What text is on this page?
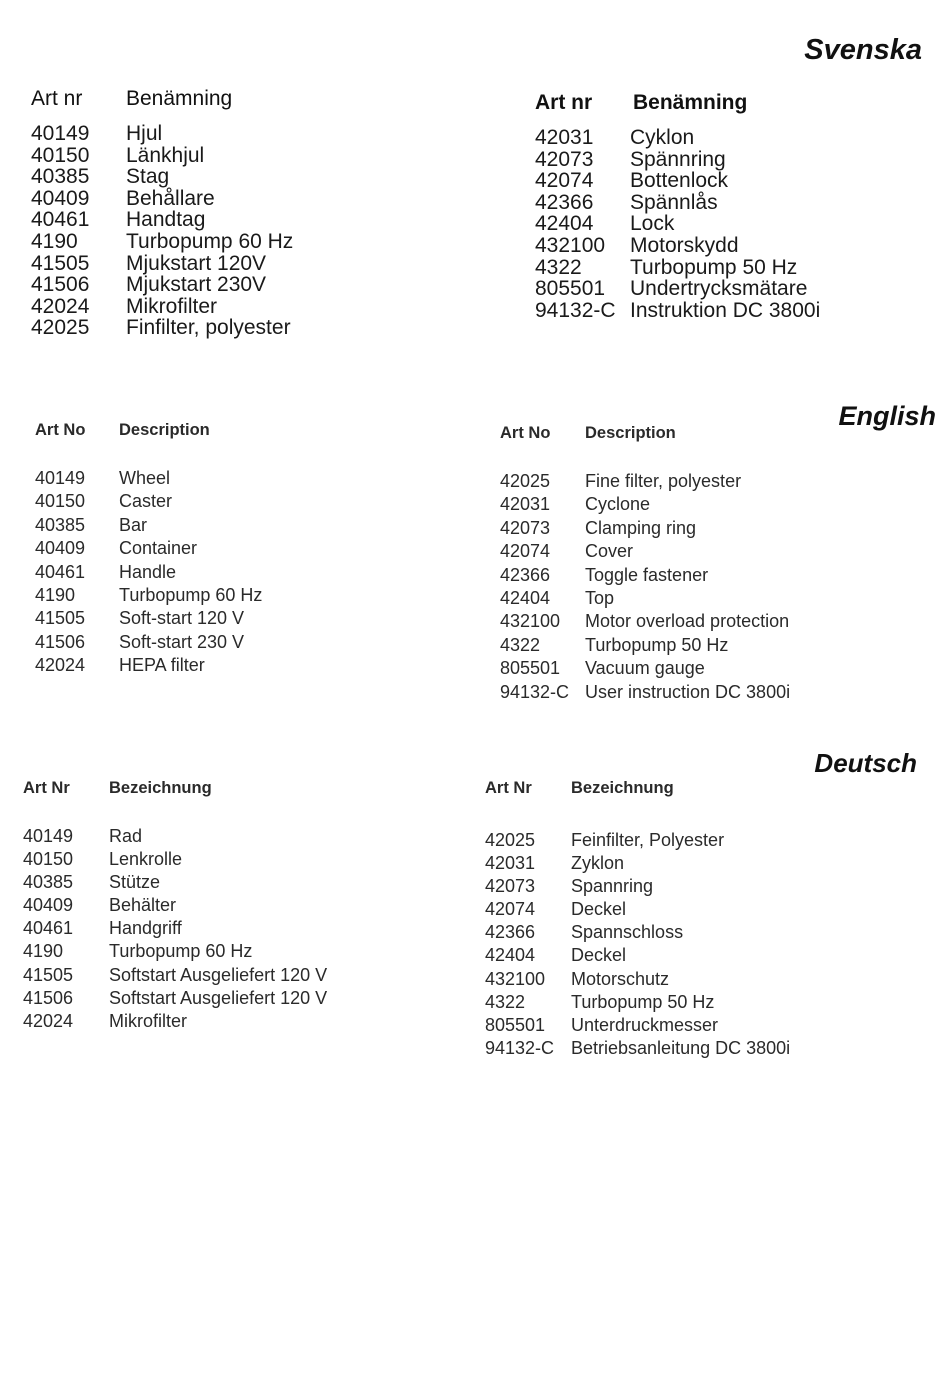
Svenska
Art nr	Benämning
40149	Hjul
40150	Länkhjul
40385	Stag
40409	Behållare
40461	Handtag
4190	Turbopump 60 Hz
41505	Mjukstart 120V
41506	Mjukstart 230V
42024	Mikrofilter
42025	Finfilter, polyester
Art nr	Benämning
42031	Cyklon
42073	Spännring
42074	Bottenlock
42366	Spännlås
42404	Lock
432100	Motorskydd
4322	Turbopump 50 Hz
805501	Undertrycksmätare
94132-C Instruktion DC 3800i
English
Art No	Description
40149	Wheel
40150	Caster
40385	Bar
40409	Container
40461	Handle
4190	Turbopump 60 Hz
41505	Soft-start 120 V
41506	Soft-start 230 V
42024	HEPA filter
Art No	Description
42025	Fine filter, polyester
42031	Cyclone
42073	Clamping ring
42074	Cover
42366	Toggle fastener
42404	Top
432100	Motor overload protection
4322	Turbopump 50 Hz
805501	Vacuum gauge
94132-C User instruction DC 3800i
Deutsch
Art Nr	Bezeichnung
40149	Rad
40150	Lenkrolle
40385	Stütze
40409	Behälter
40461	Handgriff
4190	Turbopump 60 Hz
41505	Softstart Ausgeliefert 120 V
41506	Softstart Ausgeliefert 120 V
42024	Mikrofilter
Art Nr	Bezeichnung
42025	Feinfilter, Polyester
42031	Zyklon
42073	Spannring
42074	Deckel
42366	Spannschloss
42404	Deckel
432100	Motorschutz
4322	Turbopump 50 Hz
805501	Unterdruckmesser
94132-C Betriebsanleitung DC 3800i
